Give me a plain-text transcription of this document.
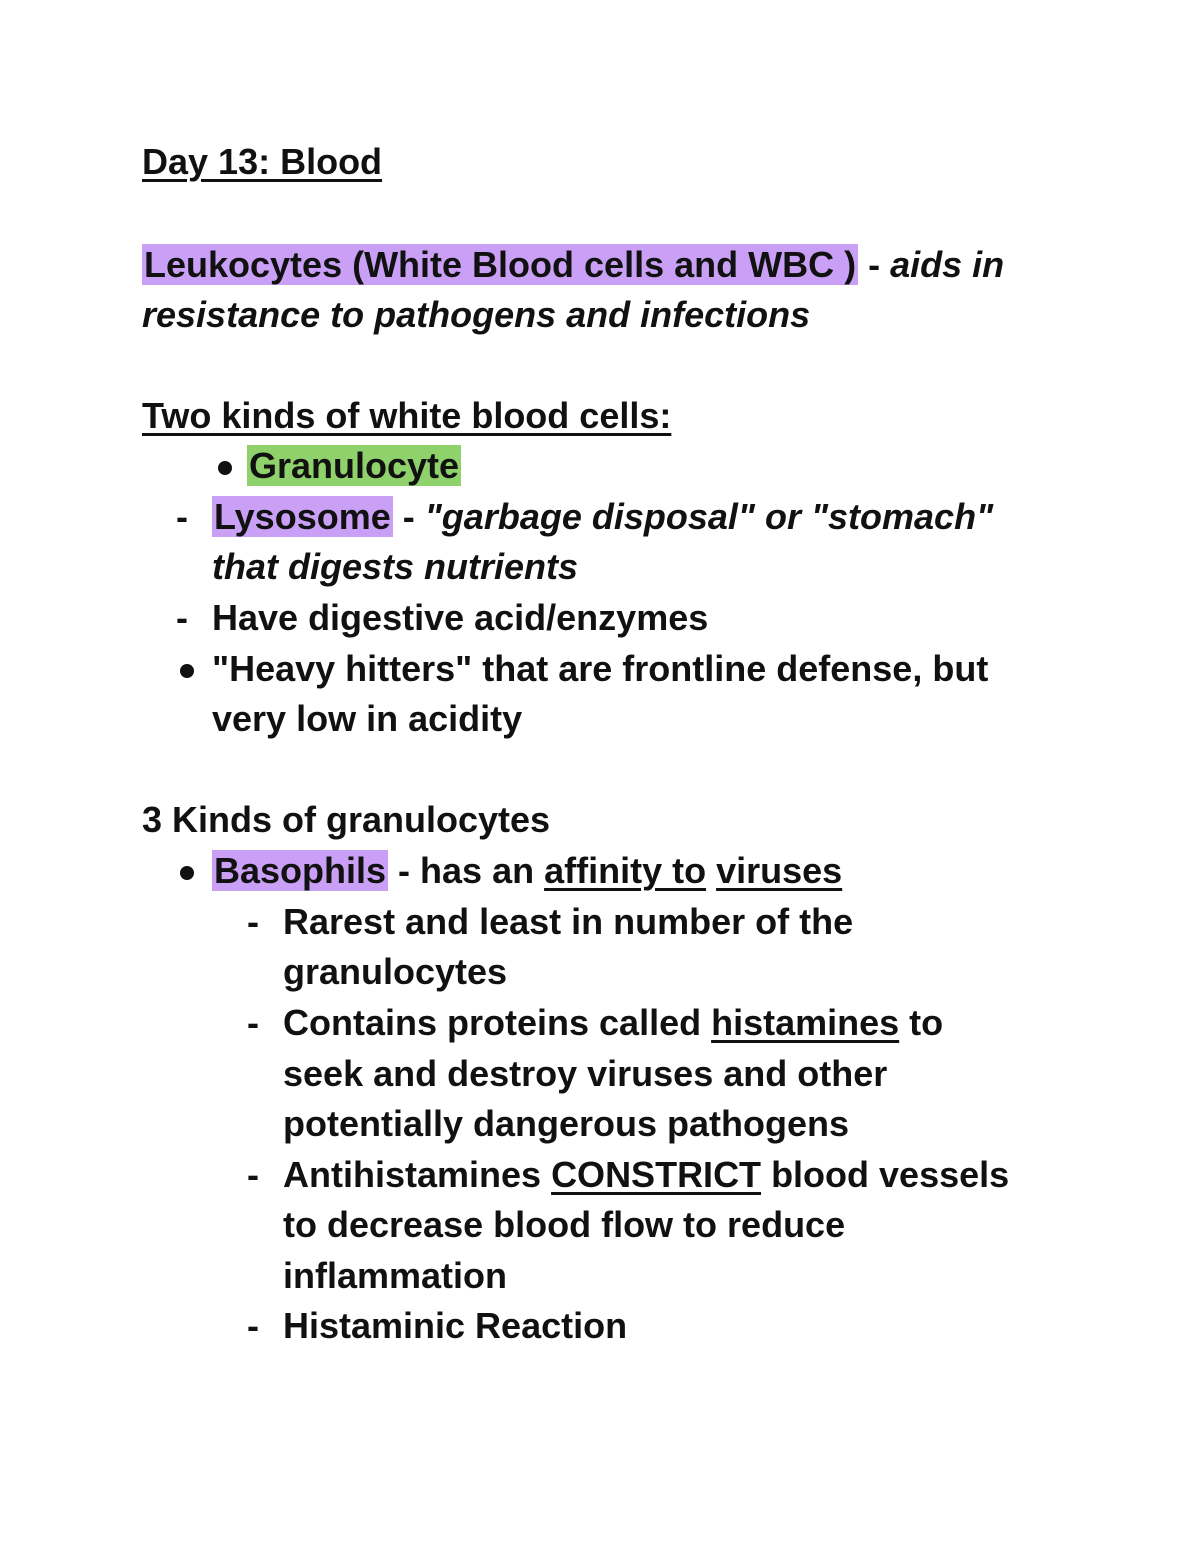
Day 13: Blood
Leukocytes (White Blood cells and WBC ) - aids in
resistance to pathogens and infections
Two kinds of white blood cells:
Granulocyte
- Lysosome - "garbage disposal" or "stomach"
that digests nutrients
- Have digestive acid/enzymes
"Heavy hitters" that are frontline defense, but
very low in acidity
3 Kinds of granulocytes
Basophils - has an affinity to viruses
- Rarest and least in number of the
granulocytes
- Contains proteins called histamines to
seek and destroy viruses and other
potentially dangerous pathogens
- Antihistamines CONSTRICT blood vessels
to decrease blood flow to reduce
inflammation
- Histaminic Reaction
